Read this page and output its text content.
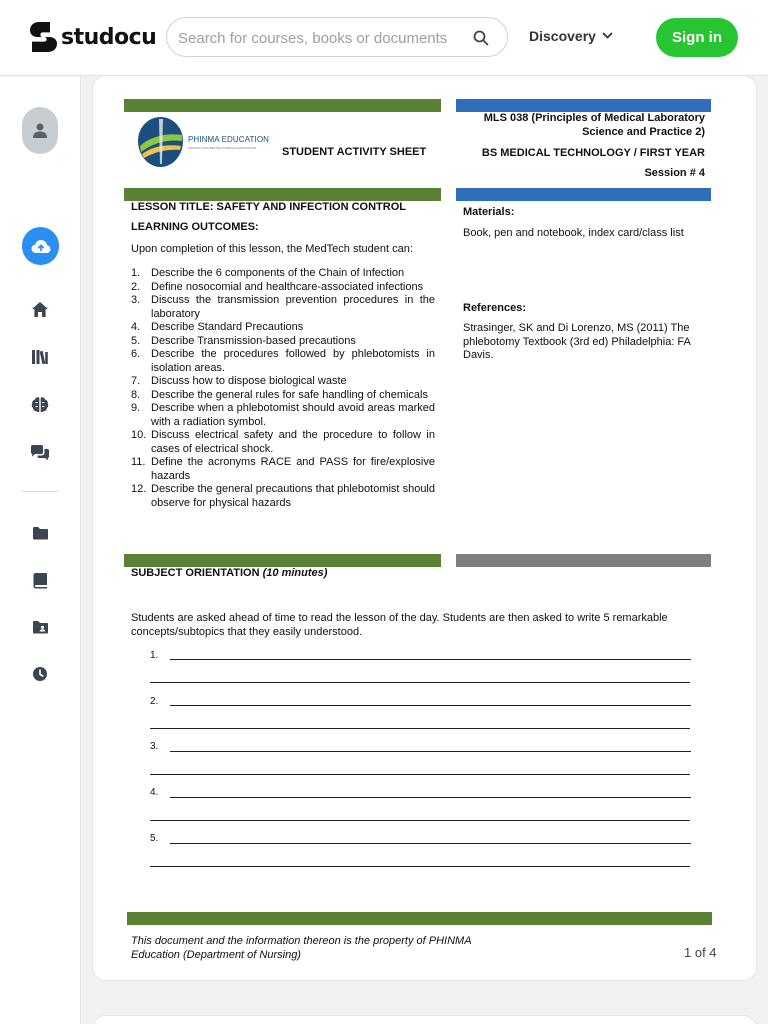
studocu
Search for courses, books or documents	Discovery	Sign in
PHINMA EDUCATION
MAKING LIVES BETTER THROUGH EDUCATION	STUDENT ACTIVITY SHEET
MLS 038 (Principles of Medical Laboratory
Science and Practice 2)
BS MEDICAL TECHNOLOGY / FIRST YEAR
Session # 4
LESSON TITLE: SAFETY AND INFECTION CONTROL
LEARNING OUTCOMES:
Upon completion of this lesson, the MedTech student can:
1. Describe the 6 components of the Chain of Infection
2. Define nosocomial and healthcare-associated infections
3. Discuss the transmission prevention procedures in the laboratory
4. Describe Standard Precautions
5. Describe Transmission-based precautions
6. Describe the procedures followed by phlebotomists in isolation areas.
7. Discuss how to dispose biological waste
8. Describe the general rules for safe handling of chemicals
9. Describe when a phlebotomist should avoid areas marked with a radiation symbol.
10. Discuss electrical safety and the procedure to follow in cases of electrical shock.
11. Define the acronyms RACE and PASS for fire/explosive hazards
12. Describe the general precautions that phlebotomist should observe for physical hazards
Materials:
Book, pen and notebook, index card/class list
References:
Strasinger, SK and Di Lorenzo, MS (2011) The phlebotomy Textbook (3rd ed) Philadelphia: FA Davis.
SUBJECT ORIENTATION (10 minutes)
Students are asked ahead of time to read the lesson of the day. Students are then asked to write 5 remarkable concepts/subtopics that they easily understood.
1.
2.
3.
4.
5.
This document and the information thereon is the property of PHINMA Education (Department of Nursing)	1 of 4
